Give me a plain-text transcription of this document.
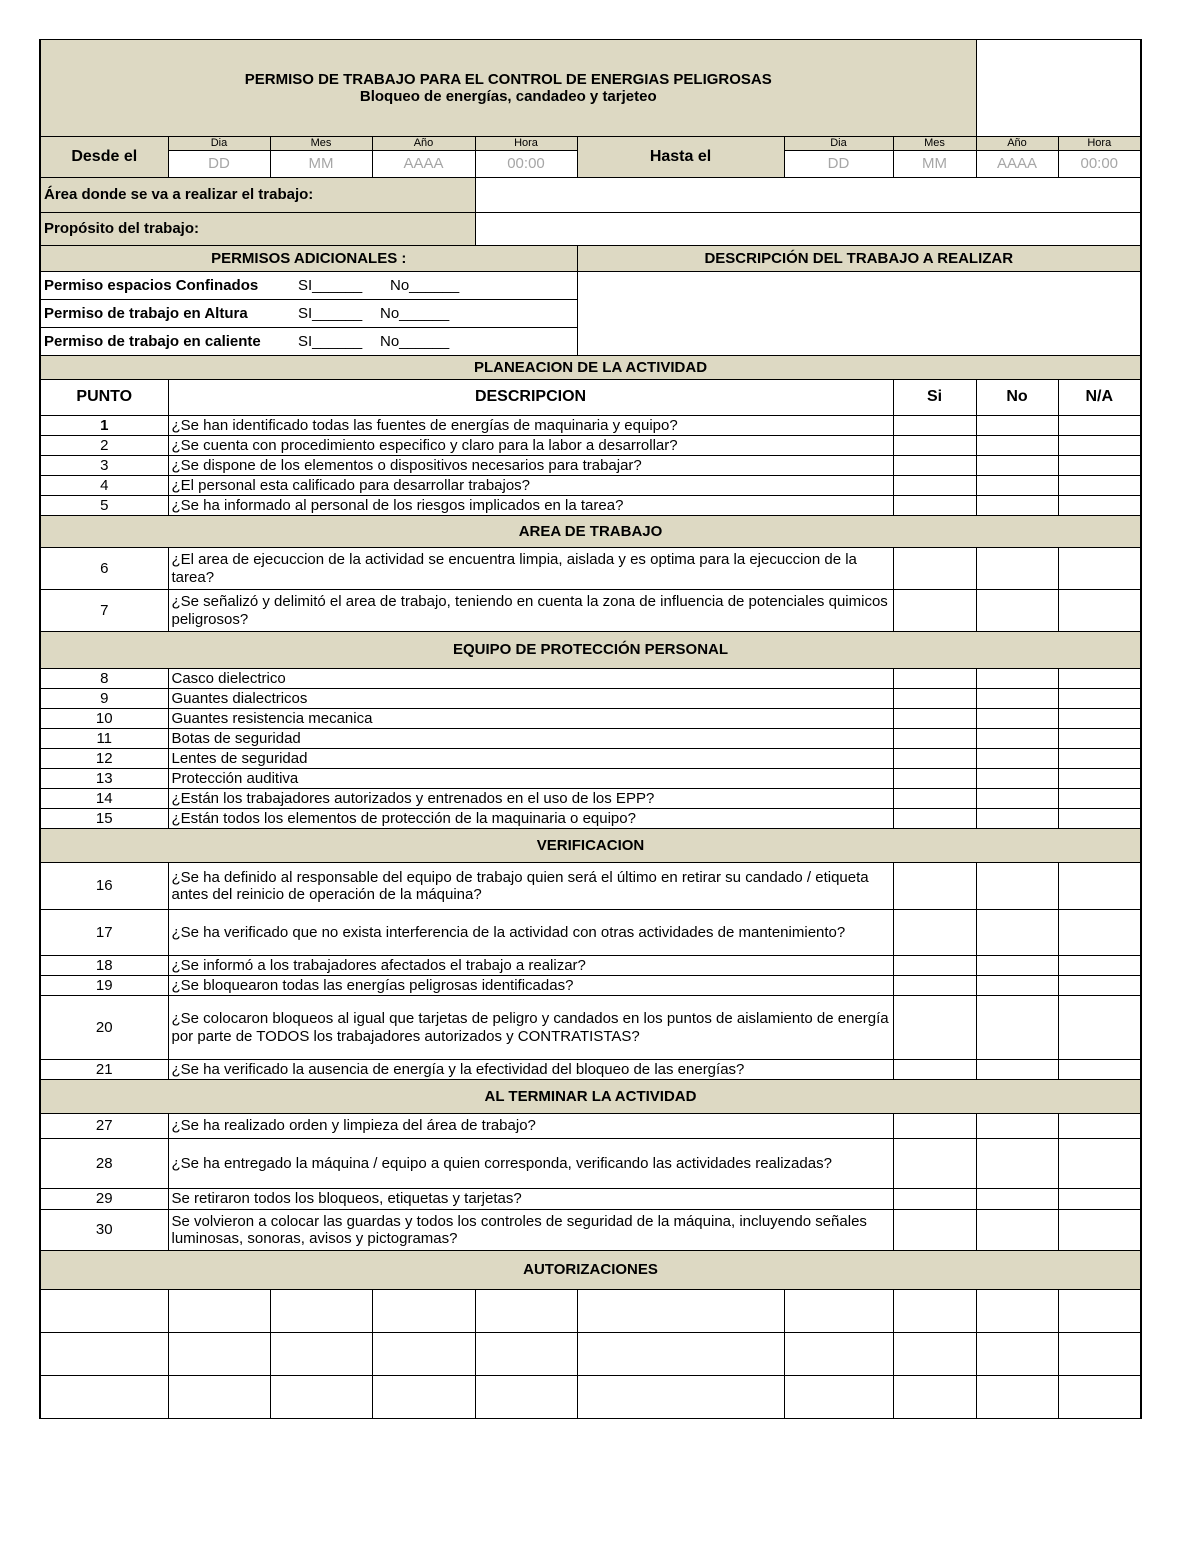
PERMISO DE TRABAJO PARA EL CONTROL DE ENERGIAS PELIGROSAS
Bloqueo de energías, candadeo y tarjeteo									

Desde el	Dia	Mes	Año	Hora	Hasta el	Dia	Mes	Año	Hora
	DD	MM	AAAA	00:00		DD	MM	AAAA	00:00
Área donde se va a realizar el trabajo:									
Propósito del trabajo:									
PERMISOS ADICIONALES :					DESCRIPCIÓN DEL TRABAJO A REALIZAR				
Permiso espacios Confinados		SI______	No______						
Permiso de trabajo en Altura		SI______	No______						
Permiso de trabajo en caliente		SI______	No______						
PLANEACION DE LA ACTIVIDAD									
PUNTO	DESCRIPCION						Si	No	N/A
1	¿Se han identificado todas las fuentes de energías de maquinaria y equipo?								
2	¿Se cuenta con procedimiento especifico y claro para la labor a desarrollar?								
3	¿Se dispone de los elementos o dispositivos necesarios para trabajar?								
4	¿El personal esta calificado para desarrollar trabajos?								
5	¿Se ha informado al personal de los riesgos implicados en la tarea?								
AREA DE TRABAJO									
6	¿El area de ejecuccion de la actividad se encuentra limpia, aislada y es optima para la ejecuccion de la tarea?								
7	¿Se señalizó y delimitó el area de trabajo, teniendo en cuenta la zona de influencia de potenciales quimicos peligrosos?								
EQUIPO DE PROTECCIÓN PERSONAL									
8	Casco dielectrico								
9	Guantes dialectricos								
10	Guantes resistencia mecanica								
11	Botas de seguridad								
12	Lentes de seguridad								
13	Protección auditiva								
14	¿Están los trabajadores autorizados y entrenados en el uso de los EPP?								
15	¿Están todos los elementos de protección de la maquinaria o equipo?								
VERIFICACION									
16	¿Se ha definido al responsable del equipo de trabajo quien será el último en retirar su candado / etiqueta antes del reinicio de operación de la máquina?								
17	¿Se ha verificado que no exista interferencia de la actividad con otras actividades de mantenimiento?								
18	¿Se informó a los trabajadores afectados el trabajo a realizar?								
19	¿Se bloquearon todas las energías peligrosas identificadas?								
20	¿Se colocaron bloqueos al igual que tarjetas de peligro y candados en los puntos de aislamiento de energía por parte de TODOS los trabajadores autorizados y CONTRATISTAS?								
21	¿Se ha verificado la ausencia de energía y la efectividad del bloqueo de las energías?								
AL TERMINAR LA ACTIVIDAD									
27	¿Se ha realizado orden y limpieza del área de trabajo?								
28	¿Se ha entregado la máquina / equipo a quien corresponda, verificando las actividades realizadas?								
29	Se retiraron todos los bloqueos, etiquetas y tarjetas?								
30	Se volvieron a colocar las guardas y todos los controles de seguridad de la máquina, incluyendo señales luminosas, sonoras, avisos y pictogramas?								
AUTORIZACIONES									
